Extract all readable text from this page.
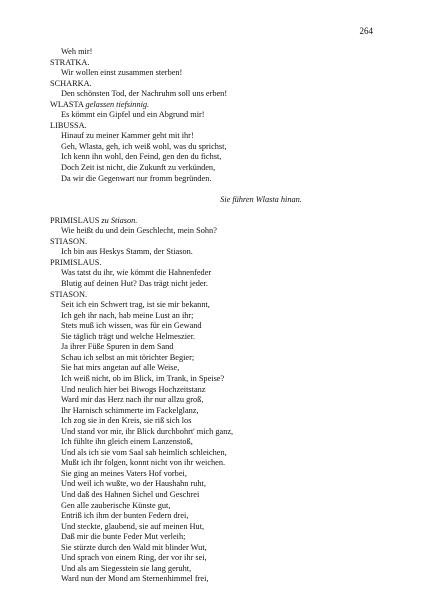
264
Weh mir!
STRATKA.
Wir wollen einst zusammen sterben!
SCHARKA.
Den schönsten Tod, der Nachruhm soll uns erben!
WLASTA gelassen tiefsinnig.
Es kömmt ein Gipfel und ein Abgrund mir!
LIBUSSA.
Hinauf zu meiner Kammer geht mit ihr!
Geh, Wlasta, geh, ich weiß wohl, was du sprichst,
Ich kenn ihn wohl, den Feind, gen den du fichst,
Doch Zeit ist nicht, die Zukunft zu verkünden,
Da wir die Gegenwart nur fromm begründen.
Sie führen Wlasta hinan.
PRIMISLAUS zu Stiason.
Wie heißt du und dein Geschlecht, mein Sohn?
STIASON.
Ich bin aus Heskys Stamm, der Stiason.
PRIMISLAUS.
Was tatst du ihr, wie kömmt die Hahnenfeder
Blutig auf deinen Hut? Das trägt nicht jeder.
STIASON.
Seit ich ein Schwert trag, ist sie mir bekannt,
Ich geh ihr nach, hab meine Lust an ihr;
Stets muß ich wissen, was für ein Gewand
Sie täglich trägt und welche Helmeszier.
Ja ihrer Füße Spuren in dem Sand
Schau ich selbst an mit törichter Begier;
Sie hat mirs angetan auf alle Weise,
Ich weiß nicht, ob im Blick, im Trank, in Speise?
Und neulich hier bei Biwogs Hochzeitstanz
Ward mir das Herz nach ihr nur allzu groß,
Ihr Harnisch schimmerte im Fackelglanz,
Ich zog sie in den Kreis, sie riß sich los
Und stand vor mir, ihr Blick durchbohrt' mich ganz,
Ich fühlte ihn gleich einem Lanzenstoß,
Und als ich sie vom Saal sah heimlich schleichen,
Mußt ich ihr folgen, konnt nicht von ihr weichen.
Sie ging an meines Vaters Hof vorbei,
Und weil ich wußte, wo der Haushahn ruht,
Und daß des Hahnen Sichel und Geschrei
Gen alle zauberische Künste gut,
Entriß ich ihm der bunten Federn drei,
Und steckte, glaubend, sie auf meinen Hut,
Daß mir die bunte Feder Mut verleih;
Sie stürzte durch den Wald mit blinder Wut,
Und sprach von einem Ring, der vor ihr sei,
Und als am Siegesstein sie lang geruht,
Ward nun der Mond am Sternenhimmel frei,
